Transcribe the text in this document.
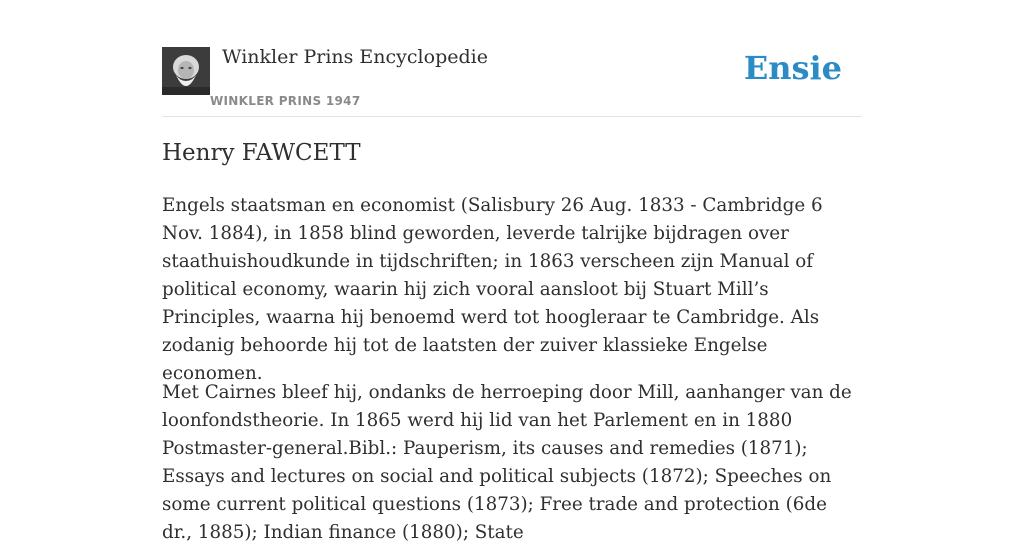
Winkler Prins Encyclopedie
WINKLER PRINS 1947
Ensie
Henry FAWCETT

Engels staatsman en economist (Salisbury 26 Aug. 1833 - Cambridge 6 Nov. 1884), in 1858 blind geworden, leverde talrijke bijdragen over staathuishoudkunde in tijdschriften; in 1863 verscheen zijn Manual of political economy, waarin hij zich vooral aansloot bij Stuart Mill’s Principles, waarna hij benoemd werd tot hoogleraar te Cambridge. Als zodanig behoorde hij tot de laatsten der zuiver klassieke Engelse economen.

Met Cairnes bleef hij, ondanks de herroeping door Mill, aanhanger van de loonfondstheorie. In 1865 werd hij lid van het Parlement en in 1880 Postmaster-general.Bibl.: Pauperism, its causes and remedies (1871); Essays and lectures on social and political subjects (1872); Speeches on some current political questions (1873); Free trade and protection (6de dr., 1885); Indian finance (1880); State
